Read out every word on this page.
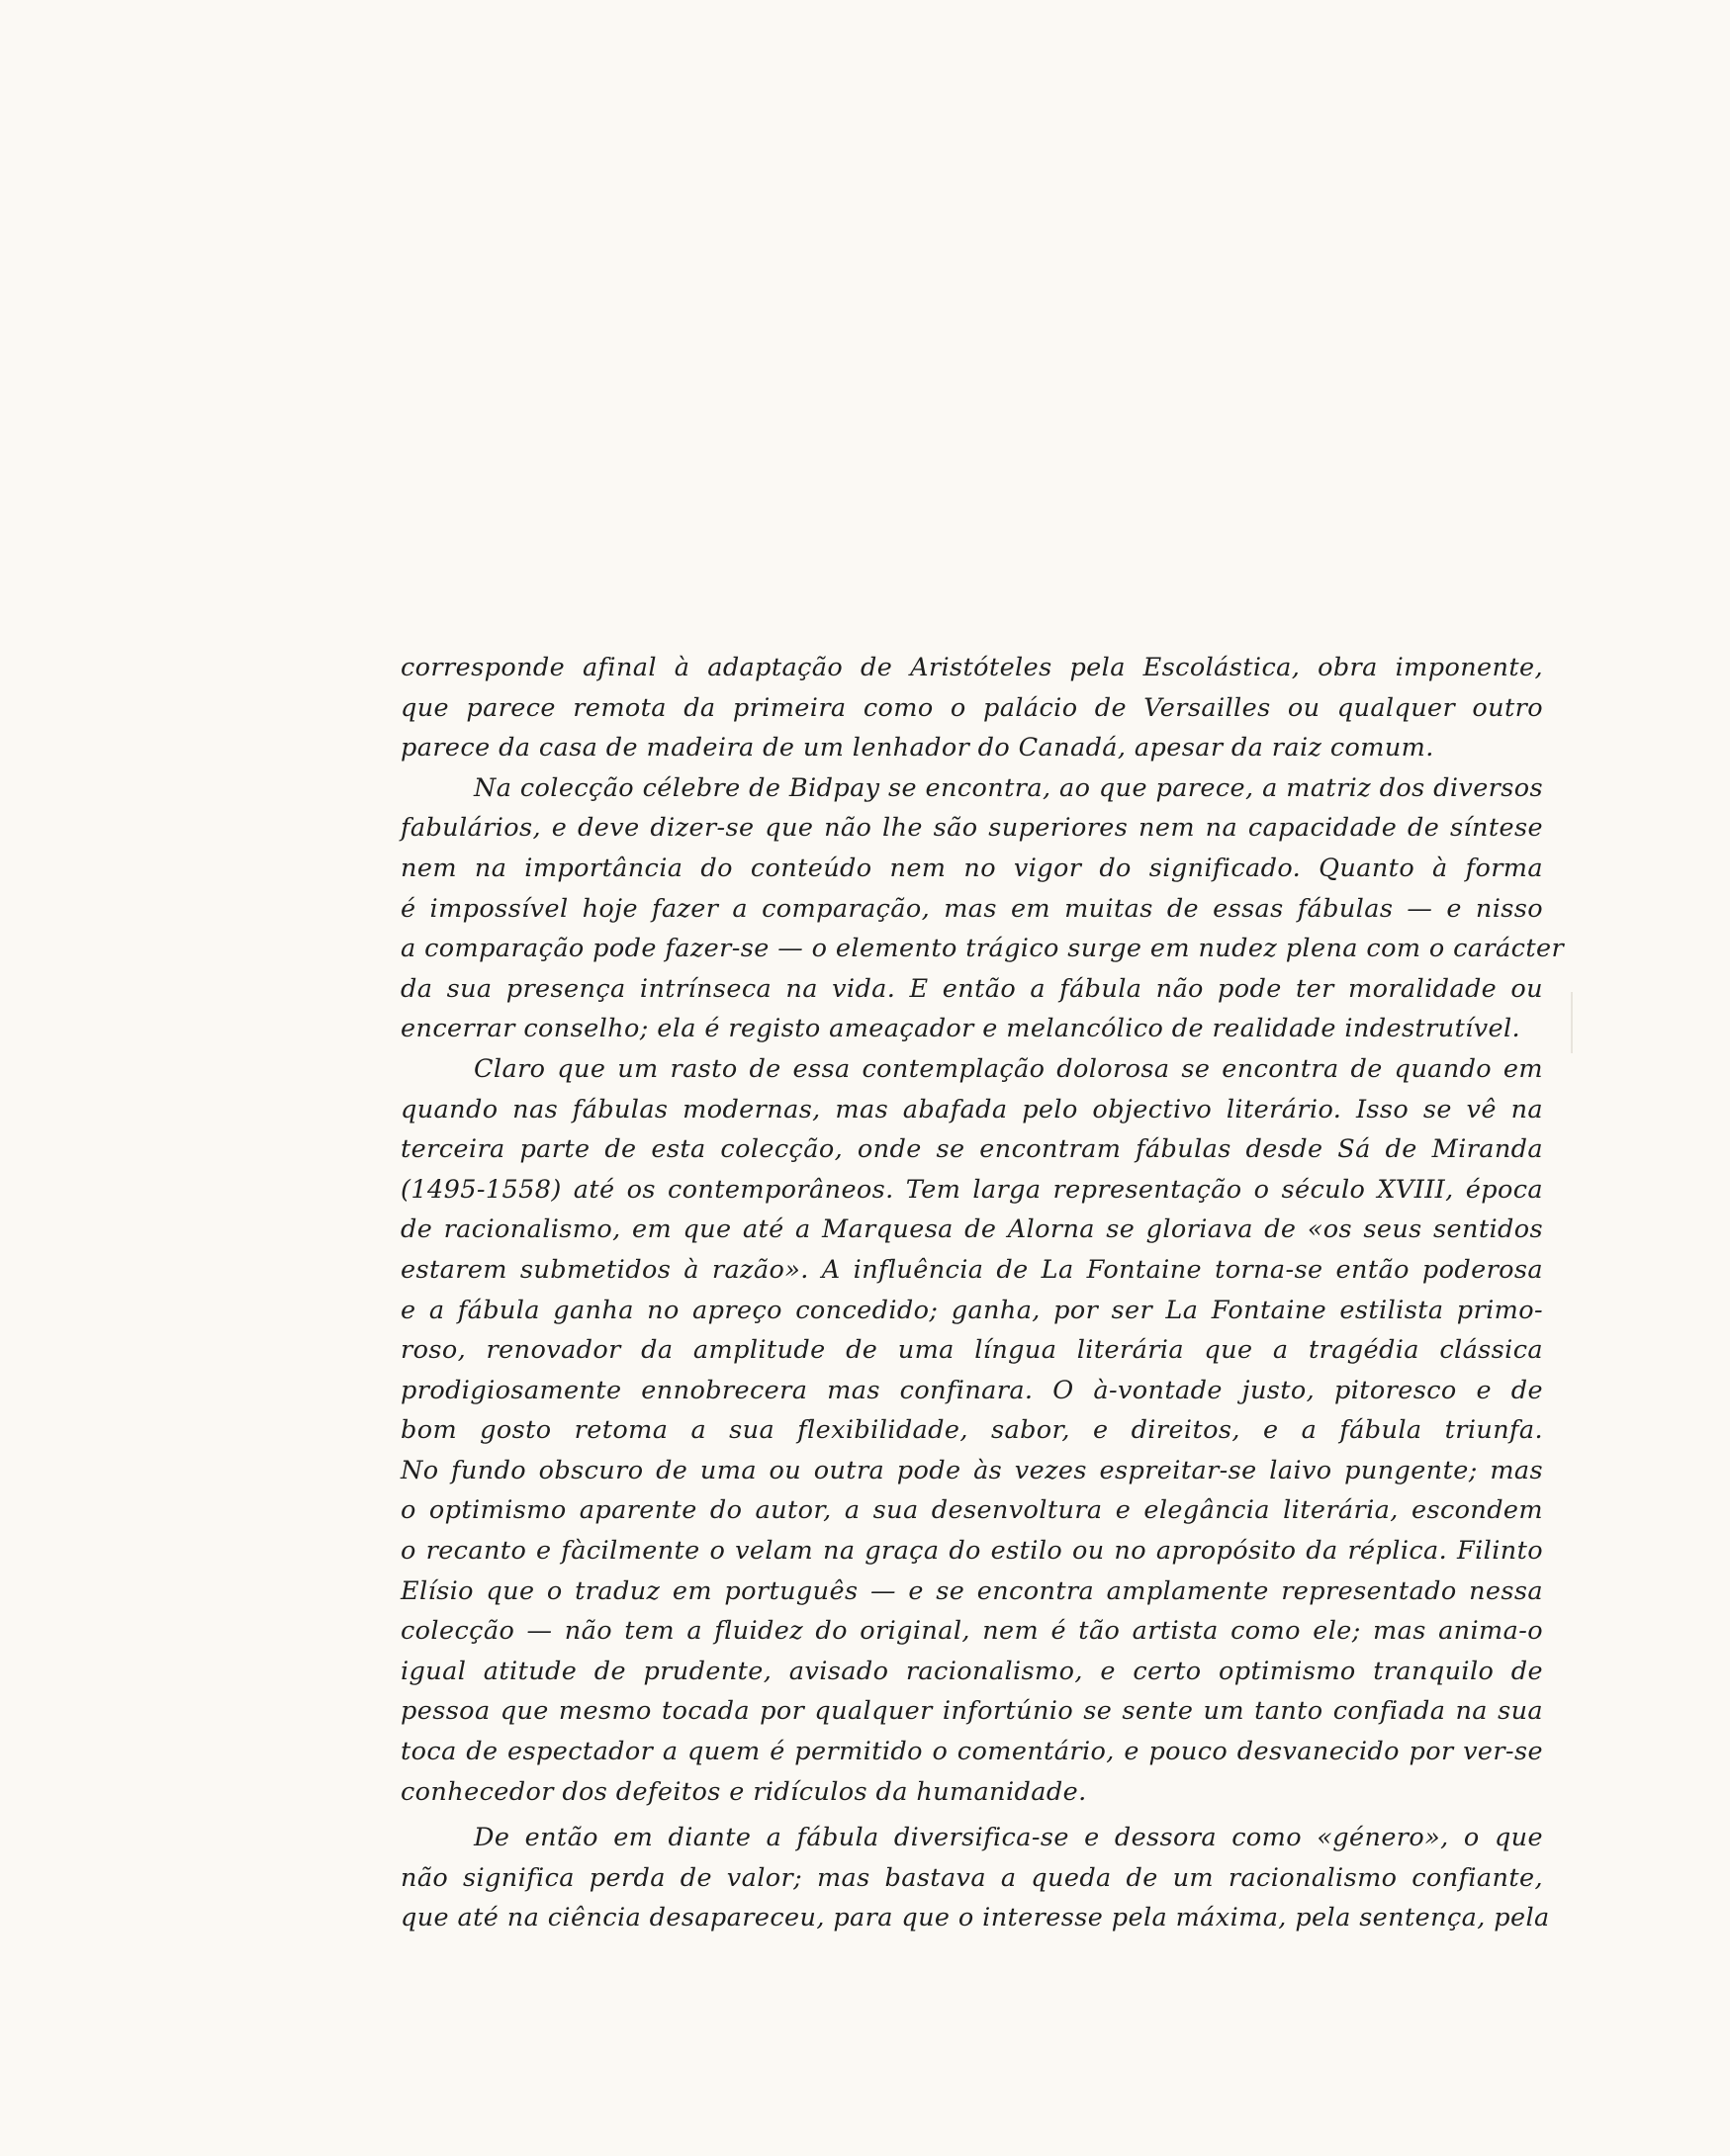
corresponde afinal à adaptação de Aristóteles pela Escolástica, obra imponente,
que parece remota da primeira como o palácio de Versailles ou qualquer outro
parece da casa de madeira de um lenhador do Canadá, apesar da raiz comum.
Na colecção célebre de Bidpay se encontra, ao que parece, a matriz dos diversos
fabulários, e deve dizer-se que não lhe são superiores nem na capacidade de síntese
nem na importância do conteúdo nem no vigor do significado. Quanto à forma
é impossível hoje fazer a comparação, mas em muitas de essas fábulas — e nisso
a comparação pode fazer-se — o elemento trágico surge em nudez plena com o carácter
da sua presença intrínseca na vida. E então a fábula não pode ter moralidade ou
encerrar conselho; ela é registo ameaçador e melancólico de realidade indestrutível.
Claro que um rasto de essa contemplação dolorosa se encontra de quando em
quando nas fábulas modernas, mas abafada pelo objectivo literário. Isso se vê na
terceira parte de esta colecção, onde se encontram fábulas desde Sá de Miranda
(1495-1558) até os contemporâneos. Tem larga representação o século XVIII, época
de racionalismo, em que até a Marquesa de Alorna se gloriava de «os seus sentidos
estarem submetidos à razão». A influência de La Fontaine torna-se então poderosa
e a fábula ganha no apreço concedido; ganha, por ser La Fontaine estilista primo-
roso, renovador da amplitude de uma língua literária que a tragédia clássica
prodigiosamente ennobrecera mas confinara. O à-vontade justo, pitoresco e de
bom gosto retoma a sua flexibilidade, sabor, e direitos, e a fábula triunfa.
No fundo obscuro de uma ou outra pode às vezes espreitar-se laivo pungente; mas
o optimismo aparente do autor, a sua desenvoltura e elegância literária, escondem
o recanto e fàcilmente o velam na graça do estilo ou no apropósito da réplica. Filinto
Elísio que o traduz em português — e se encontra amplamente representado nessa
colecção — não tem a fluidez do original, nem é tão artista como ele; mas anima-o
igual atitude de prudente, avisado racionalismo, e certo optimismo tranquilo de
pessoa que mesmo tocada por qualquer infortúnio se sente um tanto confiada na sua
toca de espectador a quem é permitido o comentário, e pouco desvanecido por ver-se
conhecedor dos defeitos e ridículos da humanidade.
De então em diante a fábula diversifica-se e dessora como «género», o que
não significa perda de valor; mas bastava a queda de um racionalismo confiante,
que até na ciência desapareceu, para que o interesse pela máxima, pela sentença, pela
